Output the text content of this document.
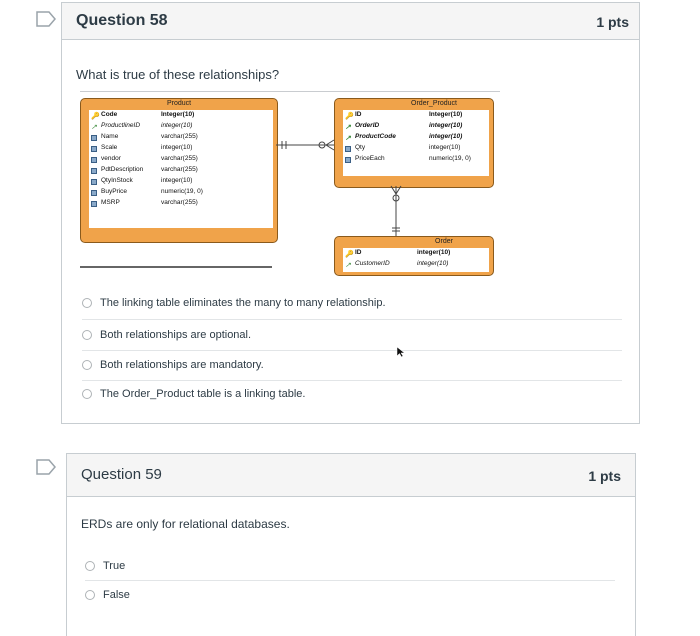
Question 58	1 pts
What is true of these relationships?
Product
🔑 Code	Integer(10)
↗ ProductlineID	integer(10)
Name	varchar(255)
Scale	integer(10)
vendor	varchar(255)
PdtDescription	varchar(255)
QtyInStock	integer(10)
BuyPrice	numeric(19, 0)
MSRP	varchar(255)
Order_Product
🔑 ID	Integer(10)
↗ OrderID	integer(10)
↗ ProductCode	integer(10)
Qty	integer(10)
PriceEach	numeric(19, 0)
Order
🔑 ID	integer(10)
↗ CustomerID	integer(10)
The linking table eliminates the many to many relationship.
Both relationships are optional.
Both relationships are mandatory.
The Order_Product table is a linking table.
Question 59	1 pts
ERDs are only for relational databases.
True
False
